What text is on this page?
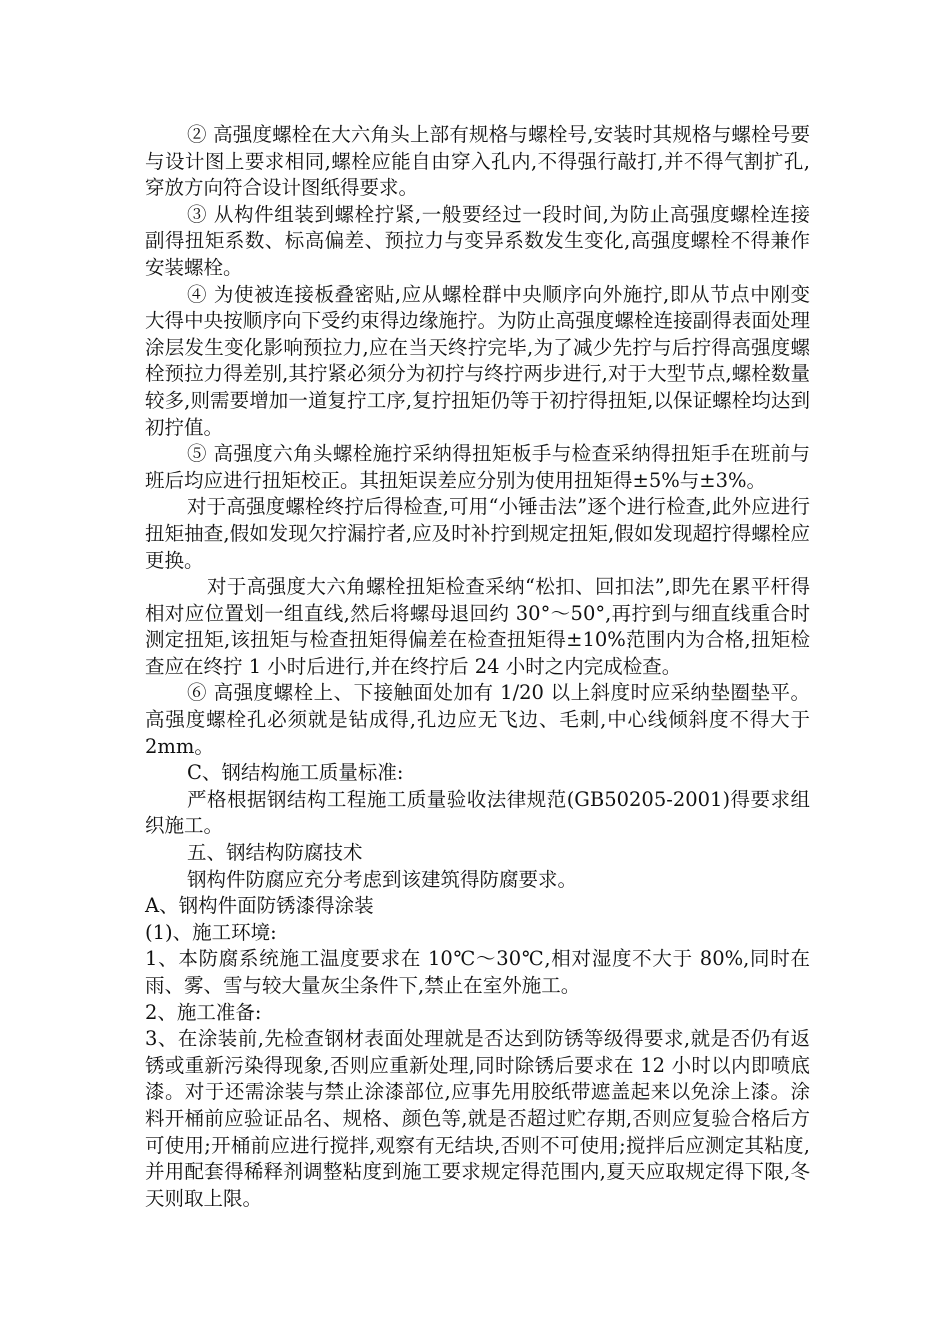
② 高强度螺栓在大六角头上部有规格与螺栓号,安装时其规格与螺栓号要与设计图上要求相同,螺栓应能自由穿入孔内,不得强行敲打,并不得气割扩孔,穿放方向符合设计图纸得要求。

③ 从构件组装到螺栓拧紧,一般要经过一段时间,为防止高强度螺栓连接副得扭矩系数、标高偏差、预拉力与变异系数发生变化,高强度螺栓不得兼作安装螺栓。

④ 为使被连接板叠密贴,应从螺栓群中央顺序向外施拧,即从节点中刚变大得中央按顺序向下受约束得边缘施拧。为防止高强度螺栓连接副得表面处理涂层发生变化影响预拉力,应在当天终拧完毕,为了减少先拧与后拧得高强度螺栓预拉力得差别,其拧紧必须分为初拧与终拧两步进行,对于大型节点,螺栓数量较多,则需要增加一道复拧工序,复拧扭矩仍等于初拧得扭矩,以保证螺栓均达到初拧值。

⑤ 高强度六角头螺栓施拧采纳得扭矩板手与检查采纳得扭矩手在班前与班后均应进行扭矩校正。其扭矩误差应分别为使用扭矩得±5%与±3%。

对于高强度螺栓终拧后得检查,可用“小锤击法”逐个进行检查,此外应进行扭矩抽查,假如发现欠拧漏拧者,应及时补拧到规定扭矩,假如发现超拧得螺栓应更换。

对于高强度大六角螺栓扭矩检查采纳“松扣、回扣法”,即先在累平杆得相对应位置划一组直线,然后将螺母退回约 30°～50°,再拧到与细直线重合时测定扭矩,该扭矩与检查扭矩得偏差在检查扭矩得±10%范围内为合格,扭矩检查应在终拧 1 小时后进行,并在终拧后 24 小时之内完成检查。

⑥ 高强度螺栓上、下接触面处加有 1/20 以上斜度时应采纳垫圈垫平。高强度螺栓孔必须就是钻成得,孔边应无飞边、毛刺,中心线倾斜度不得大于 2mm。

C、钢结构施工质量标准:

严格根据钢结构工程施工质量验收法律规范(GB50205-2001)得要求组织施工。

五、钢结构防腐技术

钢构件防腐应充分考虑到该建筑得防腐要求。

A、钢构件面防锈漆得涂装

(1)、施工环境:

1、本防腐系统施工温度要求在 10℃～30℃,相对湿度不大于 80%,同时在雨、雾、雪与较大量灰尘条件下,禁止在室外施工。

2、施工准备:

3、在涂装前,先检查钢材表面处理就是否达到防锈等级得要求,就是否仍有返锈或重新污染得现象,否则应重新处理,同时除锈后要求在 12 小时以内即喷底漆。对于还需涂装与禁止涂漆部位,应事先用胶纸带遮盖起来以免涂上漆。涂料开桶前应验证品名、规格、颜色等,就是否超过贮存期,否则应复验合格后方可使用;开桶前应进行搅拌,观察有无结块,否则不可使用;搅拌后应测定其粘度,并用配套得稀释剂调整粘度到施工要求规定得范围内,夏天应取规定得下限,冬天则取上限。
